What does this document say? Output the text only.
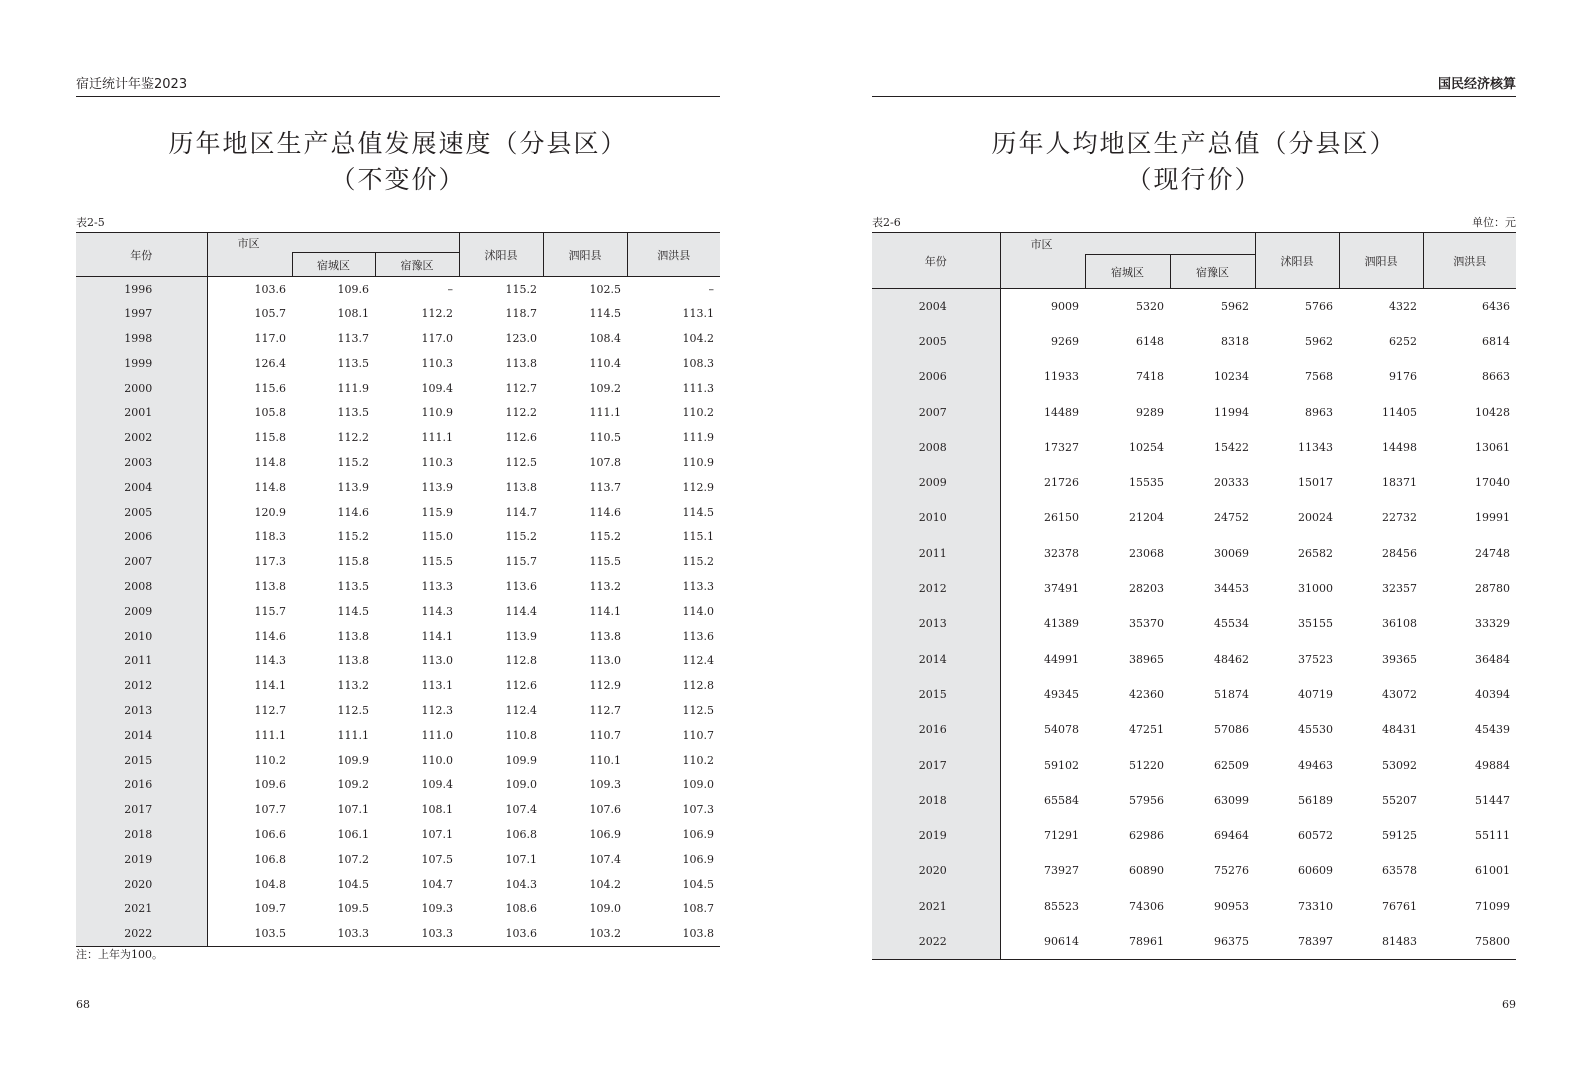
宿迁统计年鉴2023
历年地区生产总值发展速度（分县区）
（不变价）
表2-5
年份	市区			沭阳县	泗阳县	泗洪县
		宿城区	宿豫区			
1996	103.6	109.6	–	115.2	102.5	–
1997	105.7	108.1	112.2	118.7	114.5	113.1
1998	117.0	113.7	117.0	123.0	108.4	104.2
1999	126.4	113.5	110.3	113.8	110.4	108.3
2000	115.6	111.9	109.4	112.7	109.2	111.3
2001	105.8	113.5	110.9	112.2	111.1	110.2
2002	115.8	112.2	111.1	112.6	110.5	111.9
2003	114.8	115.2	110.3	112.5	107.8	110.9
2004	114.8	113.9	113.9	113.8	113.7	112.9
2005	120.9	114.6	115.9	114.7	114.6	114.5
2006	118.3	115.2	115.0	115.2	115.2	115.1
2007	117.3	115.8	115.5	115.7	115.5	115.2
2008	113.8	113.5	113.3	113.6	113.2	113.3
2009	115.7	114.5	114.3	114.4	114.1	114.0
2010	114.6	113.8	114.1	113.9	113.8	113.6
2011	114.3	113.8	113.0	112.8	113.0	112.4
2012	114.1	113.2	113.1	112.6	112.9	112.8
2013	112.7	112.5	112.3	112.4	112.7	112.5
2014	111.1	111.1	111.0	110.8	110.7	110.7
2015	110.2	109.9	110.0	109.9	110.1	110.2
2016	109.6	109.2	109.4	109.0	109.3	109.0
2017	107.7	107.1	108.1	107.4	107.6	107.3
2018	106.6	106.1	107.1	106.8	106.9	106.9
2019	106.8	107.2	107.5	107.1	107.4	106.9
2020	104.8	104.5	104.7	104.3	104.2	104.5
2021	109.7	109.5	109.3	108.6	109.0	108.7
2022	103.5	103.3	103.3	103.6	103.2	103.8
注：上年为100。
68
国民经济核算
历年人均地区生产总值（分县区）
（现行价）
表2-6	单位：元
年份	市区			沭阳县	泗阳县	泗洪县
		宿城区	宿豫区			
2004	9009	5320	5962	5766	4322	6436
2005	9269	6148	8318	5962	6252	6814
2006	11933	7418	10234	7568	9176	8663
2007	14489	9289	11994	8963	11405	10428
2008	17327	10254	15422	11343	14498	13061
2009	21726	15535	20333	15017	18371	17040
2010	26150	21204	24752	20024	22732	19991
2011	32378	23068	30069	26582	28456	24748
2012	37491	28203	34453	31000	32357	28780
2013	41389	35370	45534	35155	36108	33329
2014	44991	38965	48462	37523	39365	36484
2015	49345	42360	51874	40719	43072	40394
2016	54078	47251	57086	45530	48431	45439
2017	59102	51220	62509	49463	53092	49884
2018	65584	57956	63099	56189	55207	51447
2019	71291	62986	69464	60572	59125	55111
2020	73927	60890	75276	60609	63578	61001
2021	85523	74306	90953	73310	76761	71099
2022	90614	78961	96375	78397	81483	75800
69
